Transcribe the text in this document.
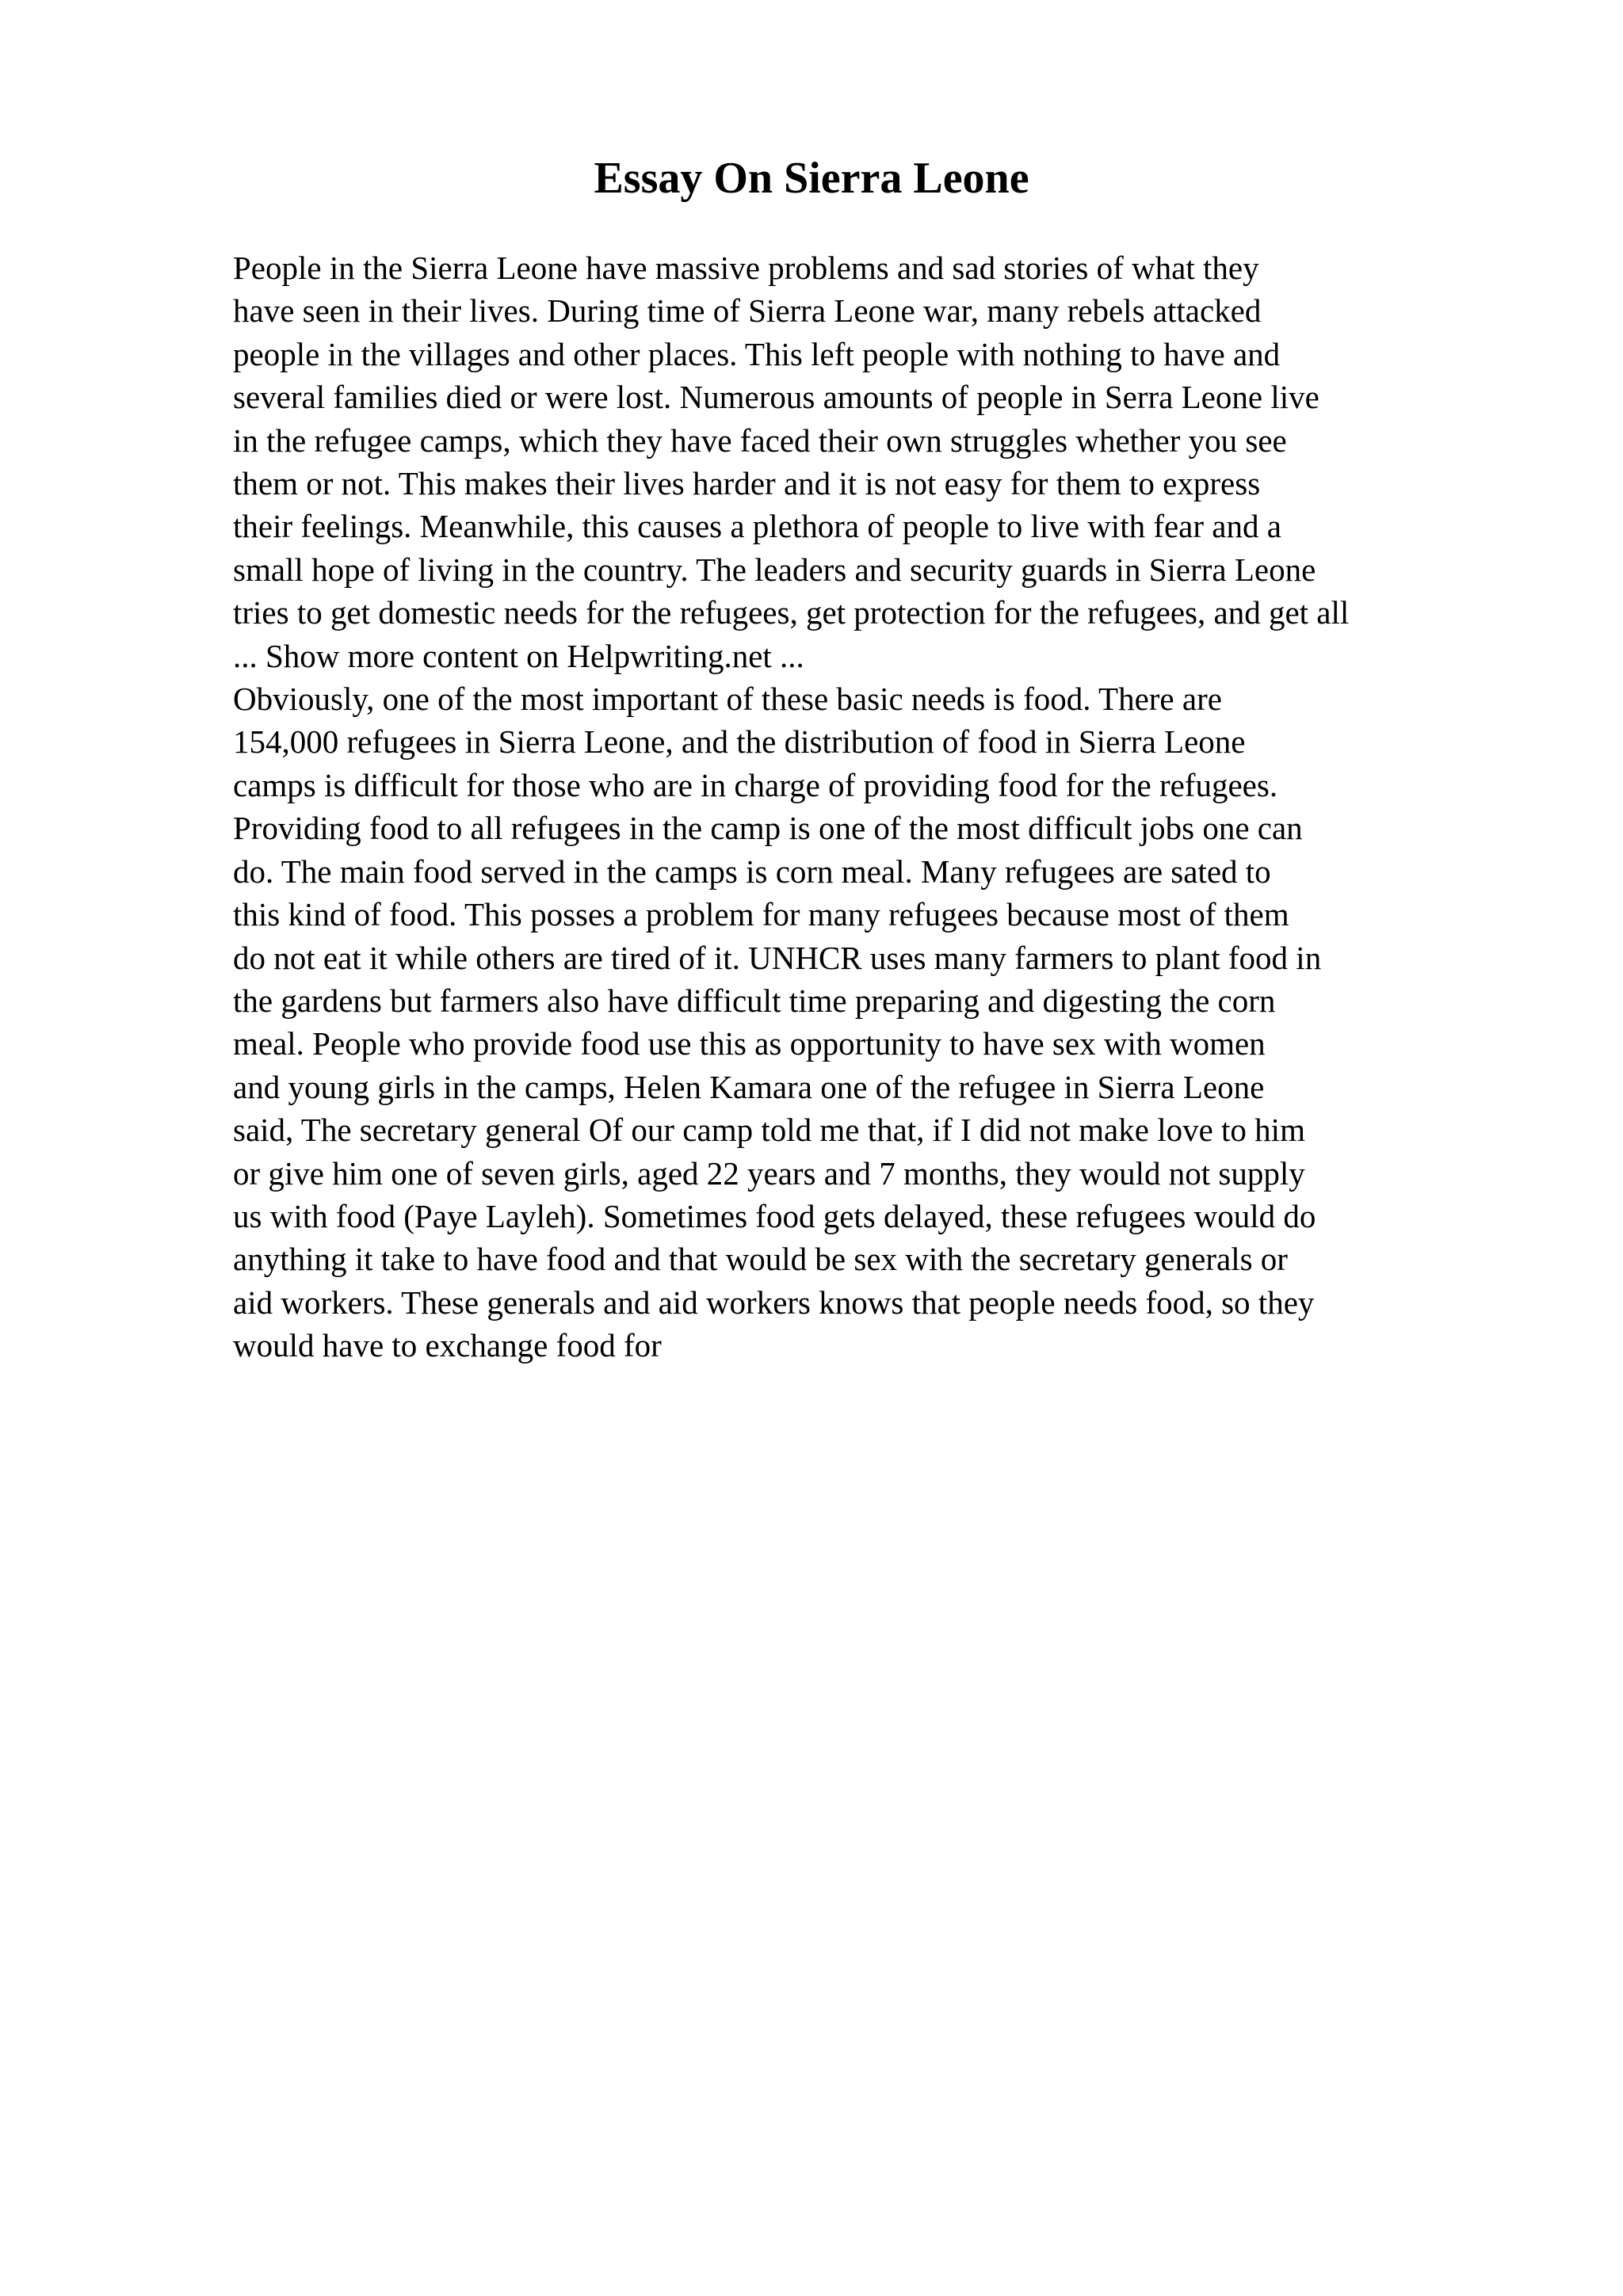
Essay On Sierra Leone
People in the Sierra Leone have massive problems and sad stories of what they
have seen in their lives. During time of Sierra Leone war, many rebels attacked
people in the villages and other places. This left people with nothing to have and
several families died or were lost. Numerous amounts of people in Serra Leone live
in the refugee camps, which they have faced their own struggles whether you see
them or not. This makes their lives harder and it is not easy for them to express
their feelings. Meanwhile, this causes a plethora of people to live with fear and a
small hope of living in the country. The leaders and security guards in Sierra Leone
tries to get domestic needs for the refugees, get protection for the refugees, and get all
... Show more content on Helpwriting.net ...
Obviously, one of the most important of these basic needs is food. There are
154,000 refugees in Sierra Leone, and the distribution of food in Sierra Leone
camps is difficult for those who are in charge of providing food for the refugees.
Providing food to all refugees in the camp is one of the most difficult jobs one can
do. The main food served in the camps is corn meal. Many refugees are sated to
this kind of food. This posses a problem for many refugees because most of them
do not eat it while others are tired of it. UNHCR uses many farmers to plant food in
the gardens but farmers also have difficult time preparing and digesting the corn
meal. People who provide food use this as opportunity to have sex with women
and young girls in the camps, Helen Kamara one of the refugee in Sierra Leone
said, The secretary general Of our camp told me that, if I did not make love to him
or give him one of seven girls, aged 22 years and 7 months, they would not supply
us with food (Paye Layleh). Sometimes food gets delayed, these refugees would do
anything it take to have food and that would be sex with the secretary generals or
aid workers. These generals and aid workers knows that people needs food, so they
would have to exchange food for
